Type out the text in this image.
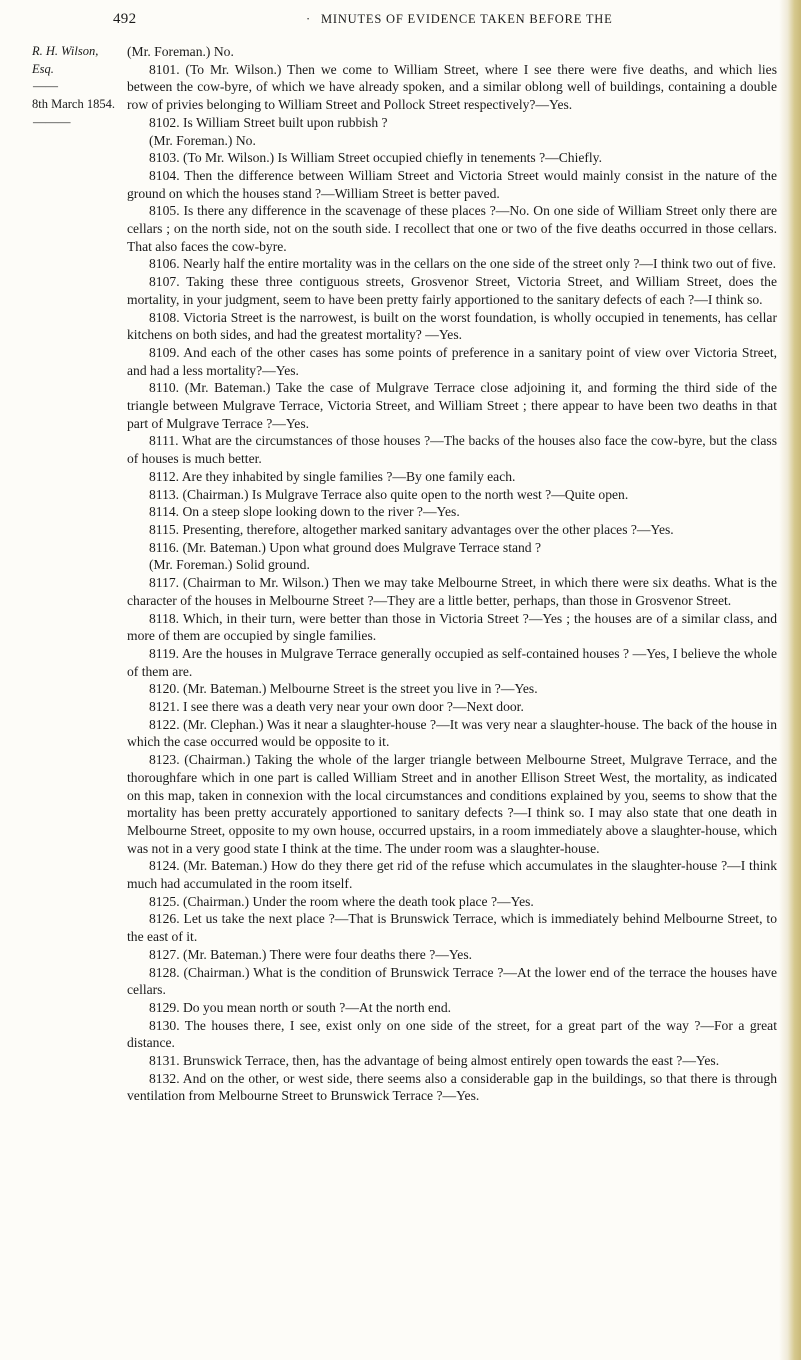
492	· MINUTES OF EVIDENCE TAKEN BEFORE THE
R. H. Wilson, Esq.
——
8th March 1854.
———

(Mr. Foreman.) No.

8101. (To Mr. Wilson.) Then we come to William Street, where I see there were five deaths, and which lies between the cow-byre, of which we have already spoken, and a similar oblong well of buildings, containing a double row of privies belonging to William Street and Pollock Street respectively?—Yes.

8102. Is William Street built upon rubbish ?

(Mr. Foreman.) No.

8103. (To Mr. Wilson.) Is William Street occupied chiefly in tenements ?—Chiefly.

8104. Then the difference between William Street and Victoria Street would mainly consist in the nature of the ground on which the houses stand ?—William Street is better paved.

8105. Is there any difference in the scavenage of these places ?—No. On one side of William Street only there are cellars ; on the north side, not on the south side. I recollect that one or two of the five deaths occurred in those cellars. That also faces the cow-byre.

8106. Nearly half the entire mortality was in the cellars on the one side of the street only ?—I think two out of five.

8107. Taking these three contiguous streets, Grosvenor Street, Victoria Street, and William Street, does the mortality, in your judgment, seem to have been pretty fairly apportioned to the sanitary defects of each ?—I think so.

8108. Victoria Street is the narrowest, is built on the worst foundation, is wholly occupied in tenements, has cellar kitchens on both sides, and had the greatest mortality? —Yes.

8109. And each of the other cases has some points of preference in a sanitary point of view over Victoria Street, and had a less mortality?—Yes.

8110. (Mr. Bateman.) Take the case of Mulgrave Terrace close adjoining it, and forming the third side of the triangle between Mulgrave Terrace, Victoria Street, and William Street ; there appear to have been two deaths in that part of Mulgrave Terrace ?—Yes.

8111. What are the circumstances of those houses ?—The backs of the houses also face the cow-byre, but the class of houses is much better.

8112. Are they inhabited by single families ?—By one family each.

8113. (Chairman.) Is Mulgrave Terrace also quite open to the north west ?—Quite open.

8114. On a steep slope looking down to the river ?—Yes.

8115. Presenting, therefore, altogether marked sanitary advantages over the other places ?—Yes.

8116. (Mr. Bateman.) Upon what ground does Mulgrave Terrace stand ?

(Mr. Foreman.) Solid ground.

8117. (Chairman to Mr. Wilson.) Then we may take Melbourne Street, in which there were six deaths. What is the character of the houses in Melbourne Street ?—They are a little better, perhaps, than those in Grosvenor Street.

8118. Which, in their turn, were better than those in Victoria Street ?—Yes ; the houses are of a similar class, and more of them are occupied by single families.

8119. Are the houses in Mulgrave Terrace generally occupied as self-contained houses ? —Yes, I believe the whole of them are.

8120. (Mr. Bateman.) Melbourne Street is the street you live in ?—Yes.

8121. I see there was a death very near your own door ?—Next door.

8122. (Mr. Clephan.) Was it near a slaughter-house ?—It was very near a slaughter-house. The back of the house in which the case occurred would be opposite to it.

8123. (Chairman.) Taking the whole of the larger triangle between Melbourne Street, Mulgrave Terrace, and the thoroughfare which in one part is called William Street and in another Ellison Street West, the mortality, as indicated on this map, taken in connexion with the local circumstances and conditions explained by you, seems to show that the mortality has been pretty accurately apportioned to sanitary defects ?—I think so. I may also state that one death in Melbourne Street, opposite to my own house, occurred upstairs, in a room immediately above a slaughter-house, which was not in a very good state I think at the time. The under room was a slaughter-house.

8124. (Mr. Bateman.) How do they there get rid of the refuse which accumulates in the slaughter-house ?—I think much had accumulated in the room itself.

8125. (Chairman.) Under the room where the death took place ?—Yes.

8126. Let us take the next place ?—That is Brunswick Terrace, which is immediately behind Melbourne Street, to the east of it.

8127. (Mr. Bateman.) There were four deaths there ?—Yes.

8128. (Chairman.) What is the condition of Brunswick Terrace ?—At the lower end of the terrace the houses have cellars.

8129. Do you mean north or south ?—At the north end.

8130. The houses there, I see, exist only on one side of the street, for a great part of the way ?—For a great distance.

8131. Brunswick Terrace, then, has the advantage of being almost entirely open towards the east ?—Yes.

8132. And on the other, or west side, there seems also a considerable gap in the buildings, so that there is through ventilation from Melbourne Street to Brunswick Terrace ?—Yes.
